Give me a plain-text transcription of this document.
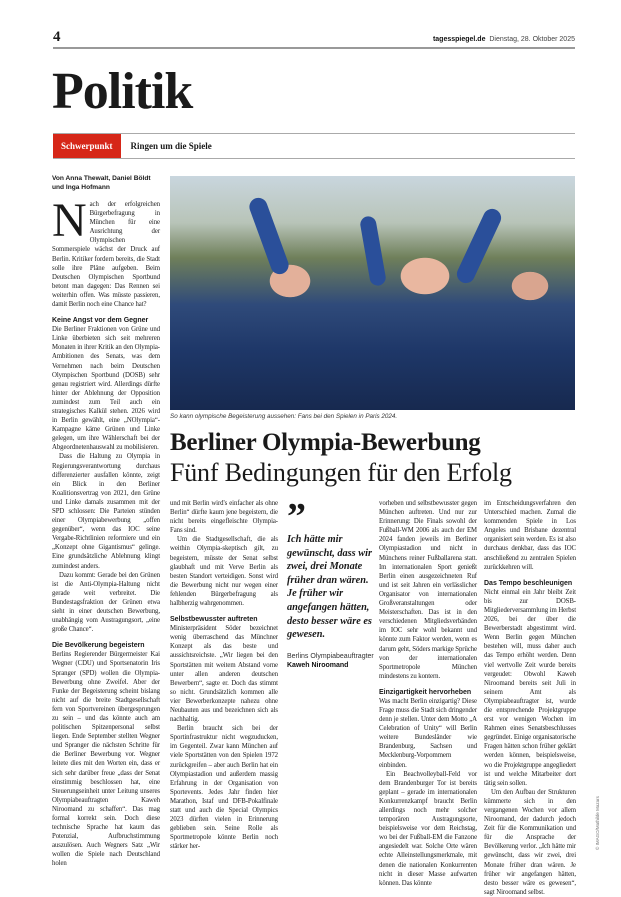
4	tagesspiegel.de Dienstag, 28. Oktober 2025
Politik
Schwerpunkt	Ringen um die Spiele
Von Anna Thewalt, Daniel Böldt und Inga Hofmann

Nach der erfolgreichen Bürgerbefragung in München für eine Ausrichtung der Olympischen Sommerspiele wächst der Druck auf Berlin. Kritiker fordern bereits, die Stadt solle ihre Pläne aufgeben. Beim Deutschen Olympischen Sportbund betont man dagegen: Das Rennen sei weiterhin offen. Was müsste passieren, damit Berlin noch eine Chance hat?

Keine Angst vor dem Gegner

Die Berliner Fraktionen von Grüne und Linke überbieten sich seit mehreren Monaten in ihrer Kritik an den Olympia-Ambitionen des Senats, was dem Vernehmen nach beim Deutschen Olympischen Sportbund (DOSB) sehr genau registriert wird. Allerdings dürfte hinter der Ablehnung der Opposition zumindest zum Teil auch ein strategisches Kalkül stehen. 2026 wird in Berlin gewählt, eine „NOlympia“-Kampagne käme Grünen und Linke gelegen, um ihre Wählerschaft bei der Abgeordnetenhauswahl zu mobilisieren.

Dass die Haltung zu Olympia in Regierungsverantwortung durchaus differenzierter ausfallen könnte, zeigt ein Blick in den Berliner Koalitionsvertrag von 2021, den Grüne und Linke damals zusammen mit der SPD schlossen: Die Parteien stünden einer Olympiabewerbung „offen gegenüber“, wenn das IOC seine Vergabe-Richtlinien reformiere und ein „Konzept ohne Gigantismus“ gelinge. Eine grundsätzliche Ablehnung klingt zumindest anders.

Dazu kommt: Gerade bei den Grünen ist die Anti-Olympia-Haltung nicht gerade weit verbreitet. Die Bundestagsfraktion der Grünen etwa sieht in einer deutschen Bewerbung, unabhängig vom Austragungsort, „eine große Chance“.

Die Bevölkerung begeistern

Berlins Regierender Bürgermeister Kai Wegner (CDU) und Sportsenatorin Iris Spranger (SPD) wollen die Olympia-Bewerbung ohne Zweifel. Aber der Funke der Begeisterung scheint bislang nicht auf die breite Stadtgesellschaft fern von Sportvereinen übergesprungen zu sein – und das könnte auch am politischen Spitzenpersonal selbst liegen. Ende September stellten Wegner und Spranger die nächsten Schritte für die Berliner Bewerbung vor. Wegner leitete dies mit den Worten ein, dass er sich sehr darüber freue „dass der Senat einstimmig beschlossen hat, eine Steuerungseinheit unter Leitung unseres Olympiabeauftragten Kaweh Niroomand zu schaffen“. Das mag formal korrekt sein. Doch diese technische Sprache hat kaum das Potenzial, Aufbruchstimmung auszulösen. Auch Wegners Satz „Wir wollen die Spiele nach Deutschland holen

So kann olympische Begeisterung aussehen: Fans bei den Spielen in Paris 2024.
Berliner Olympia-Bewerbung
Fünf Bedingungen für den Erfolg

und mit Berlin wird's einfacher als ohne Berlin“ dürfte kaum jene begeistern, die nicht bereits eingefleischte Olympia-Fans sind.

Um die Stadtgesellschaft, die als weithin Olympia-skeptisch gilt, zu begeistern, müsste der Senat selbst glaubhaft und mit Verve Berlin als besten Standort verteidigen. Sonst wird die Bewerbung nicht nur wegen einer fehlenden Bürgerbefragung als halbherzig wahrgenommen.

Selbstbewusster auftreten

Ministerpräsident Söder bezeichnet wenig überraschend das Münchner Konzept als das beste und aussichtsreichste. „Wir liegen bei den Sportstätten mit weitem Abstand vorne unter allen anderen deutschen Bewerbern“, sagte er. Doch das stimmt so nicht. Grundsätzlich kommen alle vier Bewerberkonzepte nahezu ohne Neubauten aus und bezeichnen sich als nachhaltig.

Berlin braucht sich bei der Sportinfrastruktur nicht wegzuducken, im Gegenteil. Zwar kann München auf viele Sportstätten von den Spielen 1972 zurückgreifen – aber auch Berlin hat ein Olympiastadion und außerdem massig Erfahrung in der Organisation von Sportevents. Jedes Jahr finden hier Marathon, Istaf und DFB-Pokalfinale statt und auch die Special Olympics 2023 dürften vielen in Erinnerung geblieben sein. Seine Rolle als Sportmetropole könnte Berlin noch stärker her-

”
Ich hätte mir gewünscht, dass wir zwei, drei Monate früher dran wären. Je früher wir angefangen hätten, desto besser wäre es gewesen.
Berlins Olympiabeauftragter
Kaweh Niroomand

vorheben und selbstbewusster gegen München auftreten. Und nur zur Erinnerung: Die Finals sowohl der Fußball-WM 2006 als auch der EM 2024 fanden jeweils im Berliner Olympiastadion und nicht in Münchens reiner Fußballarena statt. Im internationalen Sport genießt Berlin einen ausgezeichneten Ruf und ist seit Jahren ein verlässlicher Organisator von internationalen Großveranstaltungen oder Meisterschaften. Das ist in den verschiedenen Mitgliedsverbänden im IOC sehr wohl bekannt und könnte zum Faktor werden, wenn es darum geht, Söders markige Sprüche von der internationalen Sportmetropole München mindestens zu kontern.

Einzigartigkeit hervorheben

Was macht Berlin einzigartig? Diese Frage muss die Stadt sich dringender denn je stellen. Unter dem Motto „A Celebration of Unity“ will Berlin weitere Bundesländer wie Brandenburg, Sachsen und Mecklenburg-Vorpommern einbinden.

Ein Beachvolleyball-Feld vor dem Brandenburger Tor ist bereits geplant – gerade im internationalen Konkurrenzkampf braucht Berlin allerdings noch mehr solcher temporären Austragungsorte, beispielsweise vor dem Reichstag, wo bei der Fußball-EM die Fanzone angesiedelt war. Solche Orte wären echte Alleinstellungsmerkmale, mit denen die nationalen Konkurrenten nicht in dieser Masse aufwarten können. Das könnte

im Entscheidungsverfahren den Unterschied machen. Zumal die kommenden Spiele in Los Angeles und Brisbane dezentral organisiert sein werden. Es ist also durchaus denkbar, dass das IOC anschließend zu zentralen Spielen zurückkehren will.

Das Tempo beschleunigen

Nicht einmal ein Jahr bleibt Zeit bis zur DOSB-Mitgliederversammlung im Herbst 2026, bei der über die Bewerberstadt abgestimmt wird. Wenn Berlin gegen München bestehen will, muss daher auch das Tempo erhöht werden. Denn viel wertvolle Zeit wurde bereits vergeudet: Obwohl Kaweh Niroomand bereits seit Juli in seinem Amt als Olympiabeauftragter ist, wurde die entsprechende Projektgruppe erst vor wenigen Wochen im Rahmen eines Senatsbeschlusses gegründet. Einige organisatorische Fragen hätten schon früher geklärt werden können, beispielsweise, wo die Projektgruppe angegliedert ist und welche Mitarbeiter dort tätig sein sollen.

Um den Aufbau der Strukturen kümmerte sich in den vergangenen Wochen vor allem Niroomand, der dadurch jedoch Zeit für die Kommunikation und für die Ansprache der Bevölkerung verlor. „Ich hätte mir gewünscht, dass wir zwei, drei Monate früher dran wären. Je früher wir angefangen hätten, desto besser wäre es gewesen“, sagt Niroomand selbst.

© IMAGO/Mathilde Mazars
